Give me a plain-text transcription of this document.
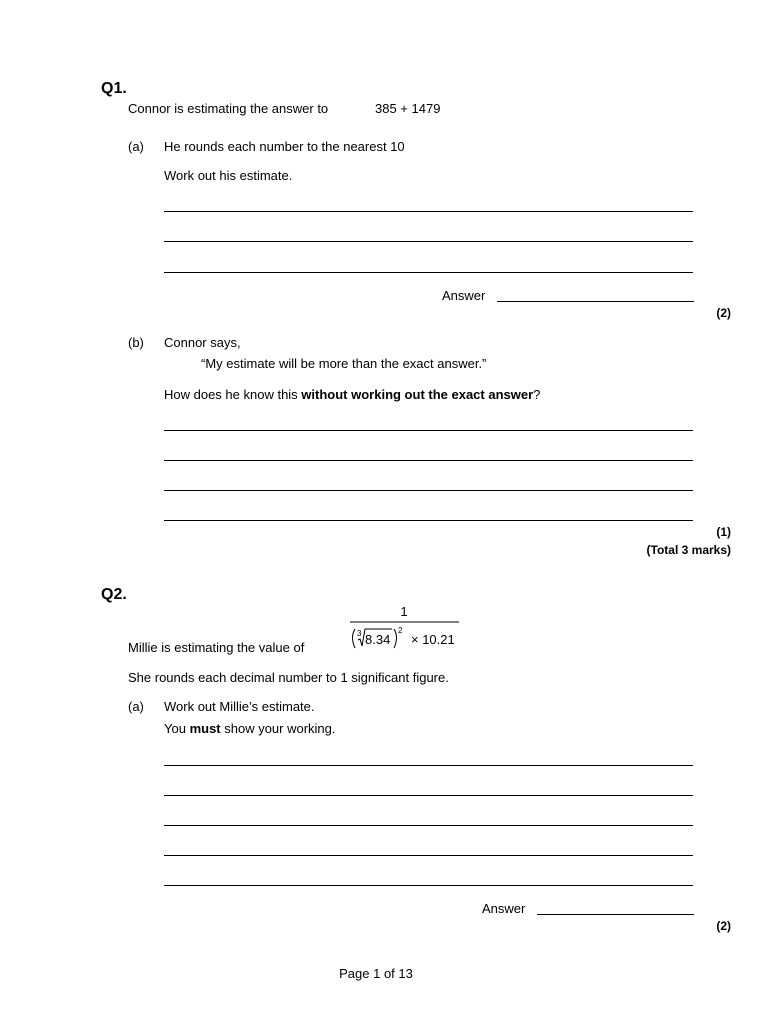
Q1.
Connor is estimating the answer to	385 + 1479
(a) He rounds each number to the nearest 10
Work out his estimate.
Answer
(2)
(b) Connor says,
“My estimate will be more than the exact answer.”
How does he know this without working out the exact answer?
(1)
(Total 3 marks)
Q2.
1
3 8.34
2
× 10.21
Millie is estimating the value of
She rounds each decimal number to 1 significant figure.
(a) Work out Millie’s estimate.
You must show your working.
Answer
(2)
Page 1 of 13
